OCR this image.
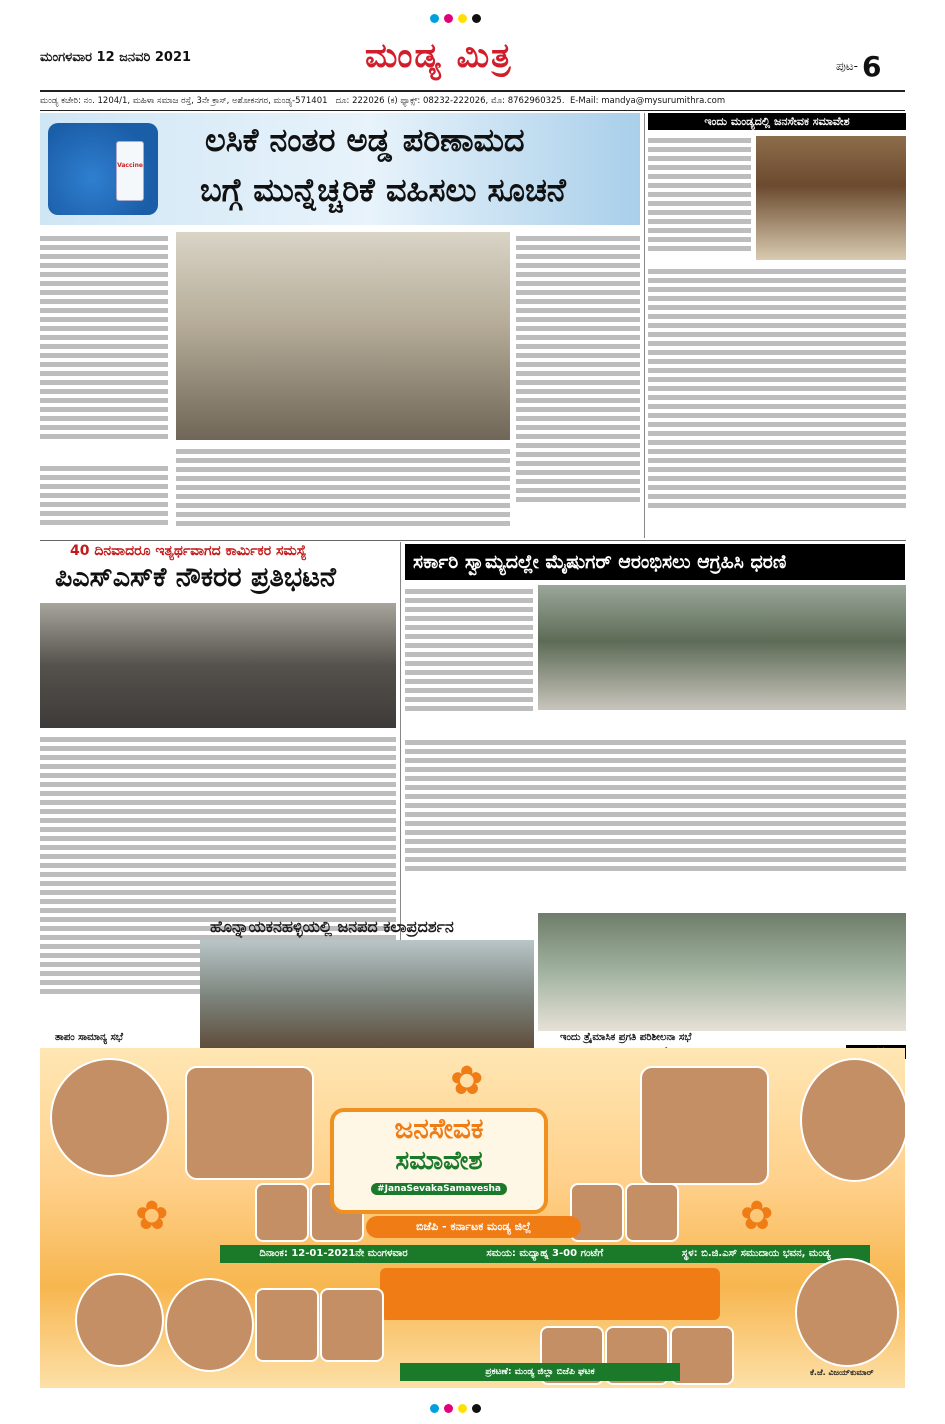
ಮಂಗಳವಾರ 12 ಜನವರಿ 2021	ಮಂಡ್ಯ ಮಿತ್ರ	ಪುಟ- 6
ಮಂಡ್ಯ ಕಚೇರಿ: ನಂ. 1204/1, ಮಹಿಳಾ ಸಮಾಜ ರಸ್ತೆ, 3ನೇ ಕ್ರಾಸ್, ಅಶೋಕನಗರ, ಮಂಡ್ಯ-571401 ದೂ: 222026 (ಕ) ಫ್ಯಾಕ್ಸ್: 08232-222026, ಮೊ: 8762960325. E-Mail: mandya@mysurumithra.com
Vaccine
ಲಸಿಕೆ ನಂತರ ಅಡ್ಡ ಪರಿಣಾಮದ
ಬಗ್ಗೆ ಮುನ್ನೆಚ್ಚರಿಕೆ ವಹಿಸಲು ಸೂಚನೆ
ಇಂದು ಮಂಡ್ಯದಲ್ಲಿ ಜನಸೇವಕ ಸಮಾವೇಶ
40 ದಿನವಾದರೂ ಇತ್ಯರ್ಥವಾಗದ ಕಾರ್ಮಿಕರ ಸಮಸ್ಯೆ
ಪಿಎಸ್ಎಸ್‌ಕೆ ನೌಕರರ ಪ್ರತಿಭಟನೆ	ಸರ್ಕಾರಿ ಸ್ವಾಮ್ಯದಲ್ಲೇ ಮೈಷುಗರ್ ಆರಂಭಿಸಲು ಆಗ್ರಹಿಸಿ ಧರಣಿ
ಹೊನ್ನಾಯಕನಹಳ್ಳಿಯಲ್ಲಿ ಜನಪದ ಕಲಾಪ್ರದರ್ಶನ
ಇಂದು ತ್ರೈಮಾಸಿಕ ಪ್ರಗತಿ ಪರಿಶೀಲನಾ ಸಭೆ
ತಾಪಂ ಸಾಮಾನ್ಯ ಸಭೆ
✿
✿
✿
ಜನಸೇವಕ
ಸಮಾವೇಶ
#JanaSevakaSamavesha
ಬಿಜೆಪಿ - ಕರ್ನಾಟಕ ಮಂಡ್ಯ ಜಿಲ್ಲೆ
ದಿನಾಂಕ: 12-01-2021ನೇ ಮಂಗಳವಾರ	ಸಮಯ: ಮಧ್ಯಾಹ್ನ 3-00 ಗಂಟೆಗೆ	ಸ್ಥಳ: ಬಿ.ಜಿ.ಎಸ್ ಸಮುದಾಯ ಭವನ, ಮಂಡ್ಯ
ಪ್ರಕಟಣೆ: ಮಂಡ್ಯ ಜಿಲ್ಲಾ ಬಿಜೆಪಿ ಘಟಕ	ಕೆ.ಜೆ. ವಿಜಯ್‌ಕುಮಾರ್
